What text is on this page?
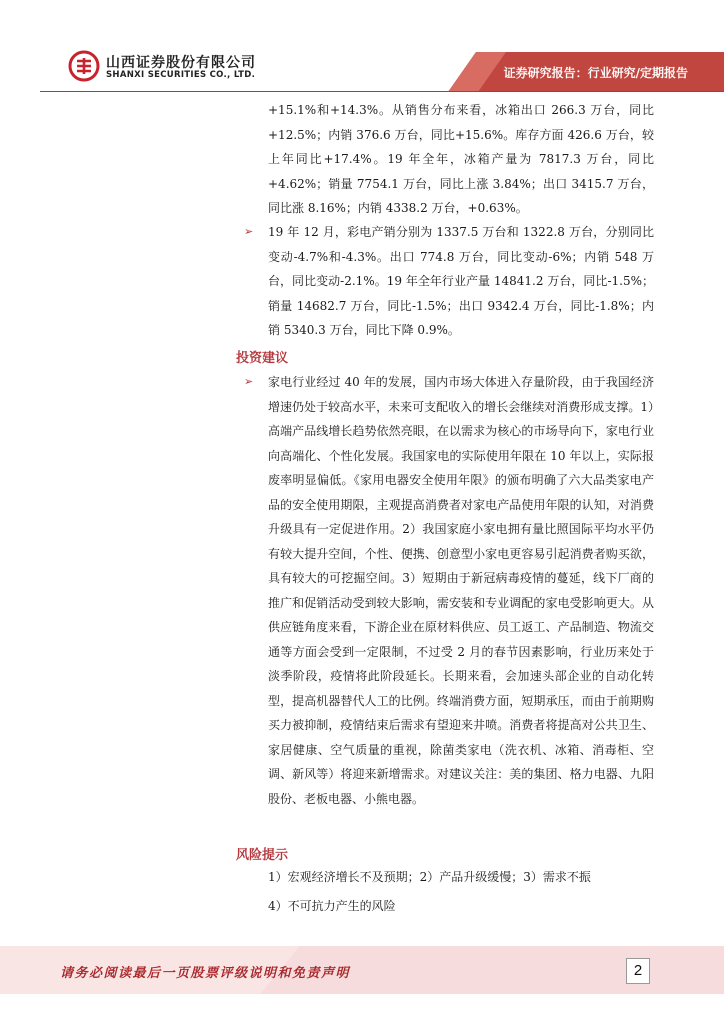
山西证券股份有限公司
SHANXI SECURITIES CO., LTD.	证券研究报告：行业研究/定期报告

+15.1%和+14.3%。从销售分布来看，冰箱出口 266.3 万台，同比+12.5%；内销 376.6 万台，同比+15.6%。库存方面 426.6 万台，较上年同比+17.4%。19 年全年，冰箱产量为 7817.3 万台，同比+4.62%；销量 7754.1 万台，同比上涨 3.84%；出口 3415.7 万台，同比涨 8.16%；内销 4338.2 万台，+0.63%。

➢ 19 年 12 月，彩电产销分别为 1337.5 万台和 1322.8 万台，分别同比变动-4.7%和-4.3%。出口 774.8 万台，同比变动-6%；内销 548 万台，同比变动-2.1%。19 年全年行业产量 14841.2 万台，同比-1.5%；销量 14682.7 万台，同比-1.5%；出口 9342.4 万台，同比-1.8%；内销 5340.3 万台，同比下降 0.9%。

投资建议
➢ 家电行业经过 40 年的发展，国内市场大体进入存量阶段，由于我国经济增速仍处于较高水平，未来可支配收入的增长会继续对消费形成支撑。1）高端产品线增长趋势依然亮眼，在以需求为核心的市场导向下，家电行业向高端化、个性化发展。我国家电的实际使用年限在 10 年以上，实际报废率明显偏低。《家用电器安全使用年限》的颁布明确了六大品类家电产品的安全使用期限，主观提高消费者对家电产品使用年限的认知，对消费升级具有一定促进作用。2）我国家庭小家电拥有量比照国际平均水平仍有较大提升空间，个性、便携、创意型小家电更容易引起消费者购买欲，具有较大的可挖掘空间。3）短期由于新冠病毒疫情的蔓延，线下厂商的推广和促销活动受到较大影响，需安装和专业调配的家电受影响更大。从供应链角度来看，下游企业在原材料供应、员工返工、产品制造、物流交通等方面会受到一定限制，不过受 2 月的春节因素影响，行业历来处于淡季阶段，疫情将此阶段延长。长期来看，会加速头部企业的自动化转型，提高机器替代人工的比例。终端消费方面，短期承压，而由于前期购买力被抑制，疫情结束后需求有望迎来井喷。消费者将提高对公共卫生、家居健康、空气质量的重视，除菌类家电（洗衣机、冰箱、消毒柜、空调、新风等）将迎来新增需求。对建议关注：美的集团、格力电器、九阳股份、老板电器、小熊电器。

风险提示
1）宏观经济增长不及预期；2）产品升级缓慢；3）需求不振
4）不可抗力产生的风险
请务必阅读最后一页股票评级说明和免责声明	2
